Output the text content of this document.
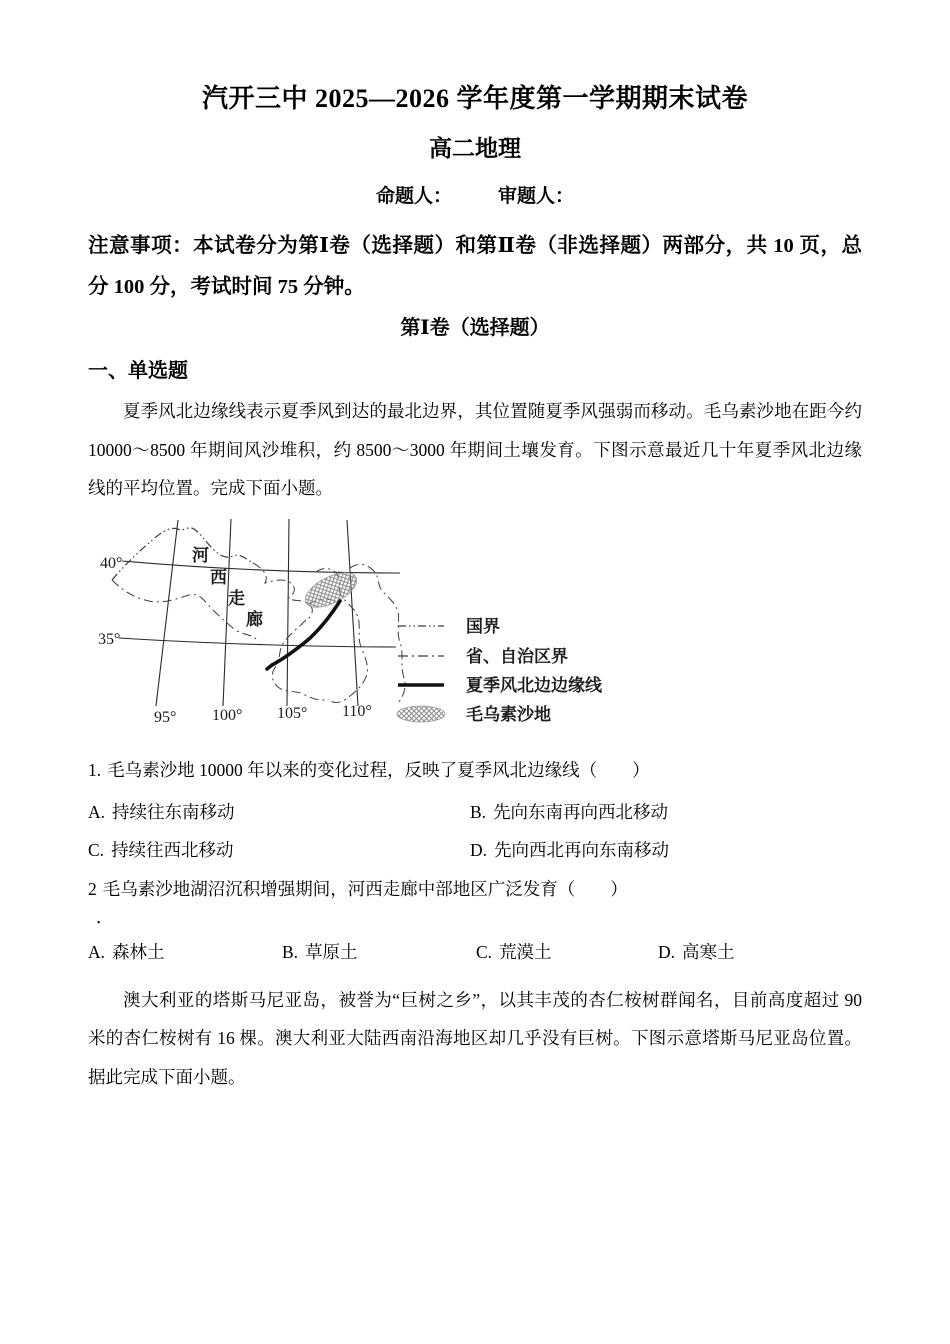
汽开三中 2025—2026 学年度第一学期期末试卷
高二地理
命题人： 审题人：
注意事项：本试卷分为第Ⅰ卷（选择题）和第Ⅱ卷（非选择题）两部分，共 10 页，总分 100 分，考试时间 75 分钟。
第Ⅰ卷（选择题）
一、单选题
夏季风北边缘线表示夏季风到达的最北边界，其位置随夏季风强弱而移动。毛乌素沙地在距今约 10000～8500 年期间风沙堆积，约 8500～3000 年期间土壤发育。下图示意最近几十年夏季风北边缘线的平均位置。完成下面小题。
40°
35°
95° 100° 105° 110°
河
西
走
廊	国界
省、自治区界
夏季风北边边缘线
毛乌素沙地
1. 毛乌素沙地 10000 年以来的变化过程，反映了夏季风北边缘线（　　）
A. 持续往东南移动	B. 先向东南再向西北移动
C. 持续往西北移动	D. 先向西北再向东南移动
2 毛乌素沙地湖沼沉积增强期间，河西走廊中部地区广泛发育（　　）
．
A. 森林土	B. 草原土	C. 荒漠土	D. 高寒土
澳大利亚的塔斯马尼亚岛，被誉为“巨树之乡”，以其丰茂的杏仁桉树群闻名，目前高度超过 90 米的杏仁桉树有 16 棵。澳大利亚大陆西南沿海地区却几乎没有巨树。下图示意塔斯马尼亚岛位置。据此完成下面小题。
